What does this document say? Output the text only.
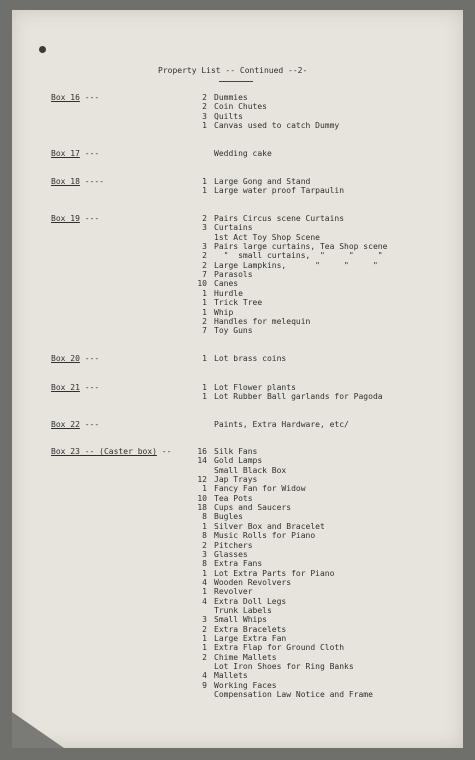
Property List -- Continued --2-
Box 16 ---	2 Dummies
2 Coin Chutes
3 Quilts
1 Canvas used to catch Dummy
Box 17 ---	Wedding cake
Box 18 ----	1 Large Gong and Stand
1 Large water proof Tarpaulin
Box 19 ---	2 Pairs Circus scene Curtains
3 Curtains
1st Act Toy Shop Scene
3 Pairs large curtains, Tea Shop scene
2 "  small curtains,  "     "     "
2 Large Lampkins,      "     "     "
7 Parasols
10 Canes
1 Hurdle
1 Trick Tree
1 Whip
2 Handles for melequin
7 Toy Guns
Box 20 ---	1 Lot brass coins
Box 21 ---	1 Lot Flower plants
1 Lot Rubber Ball garlands for Pagoda
Box 22 ---	Paints, Extra Hardware, etc/
Box 23 -- (Caster box) --	16 Silk Fans
14 Gold Lamps
Small Black Box
12 Jap Trays
1 Fancy Fan for Widow
10 Tea Pots
18 Cups and Saucers
8 Bugles
1 Silver Box and Bracelet
8 Music Rolls for Piano
2 Pitchers
3 Glasses
8 Extra Fans
1 Lot Extra Parts for Piano
4 Wooden Revolvers
1 Revolver
4 Extra Doll Legs
Trunk Labels
3 Small Whips
2 Extra Bracelets
1 Large Extra Fan
1 Extra Flap for Ground Cloth
2 Chime Mallets
Lot Iron Shoes for Ring Banks
4 Mallets
9 Working Faces
Compensation Law Notice and Frame
